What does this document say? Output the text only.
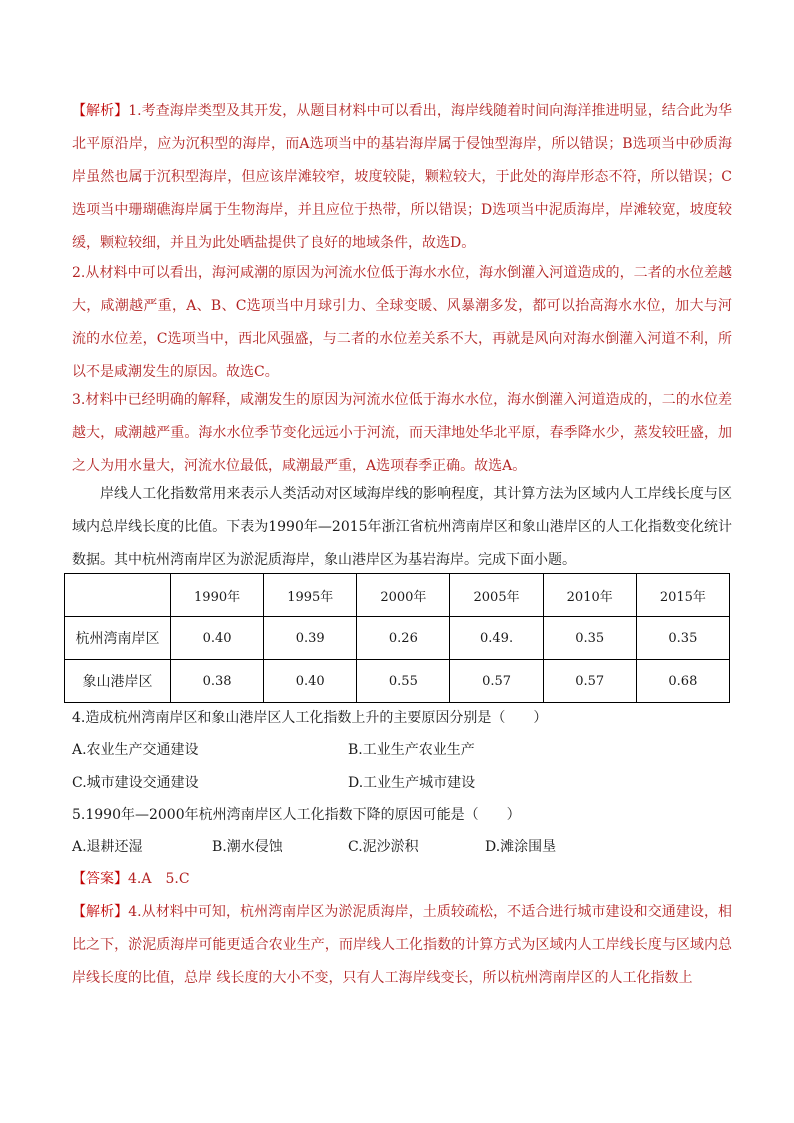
【解析】1.考查海岸类型及其开发，从题目材料中可以看出，海岸线随着时间向海洋推进明显，结合此为华北平原沿岸，应为沉积型的海岸，而A选项当中的基岩海岸属于侵蚀型海岸，所以错误；B选项当中砂质海岸虽然也属于沉积型海岸，但应该岸滩较窄，坡度较陡，颗粒较大，于此处的海岸形态不符，所以错误；C选项当中珊瑚礁海岸属于生物海岸，并且应位于热带，所以错误；D选项当中泥质海岸，岸滩较宽，坡度较缓，颗粒较细，并且为此处晒盐提供了良好的地域条件，故选D。

2.从材料中可以看出，海河咸潮的原因为河流水位低于海水水位，海水倒灌入河道造成的，二者的水位差越大，咸潮越严重，A、B、C选项当中月球引力、全球变暖、风暴潮多发，都可以抬高海水水位，加大与河流的水位差，C选项当中，西北风强盛，与二者的水位差关系不大，再就是风向对海水倒灌入河道不利，所以不是咸潮发生的原因。故选C。

3.材料中已经明确的解释，咸潮发生的原因为河流水位低于海水水位，海水倒灌入河道造成的，二的水位差越大，咸潮越严重。海水水位季节变化远远小于河流，而天津地处华北平原，春季降水少，蒸发较旺盛，加之人为用水量大，河流水位最低，咸潮最严重，A选项春季正确。故选A。

岸线人工化指数常用来表示人类活动对区域海岸线的影响程度，其计算方法为区域内人工岸线长度与区域内总岸线长度的比值。下表为1990年—2015年浙江省杭州湾南岸区和象山港岸区的人工化指数变化统计数据。其中杭州湾南岸区为淤泥质海岸，象山港岸区为基岩海岸。完成下面小题。

	1990年	1995年	2000年	2005年	2010年	2015年
杭州湾南岸区	0.40	0.39	0.26	0.49.	0.35	0.35
象山港岸区	0.38	0.40	0.55	0.57	0.57	0.68
4.造成杭州湾南岸区和象山港岸区人工化指数上升的主要原因分别是（　　）
A.农业生产交通建设	B.工业生产农业生产
C.城市建设交通建设	D.工业生产城市建设
5.1990年—2000年杭州湾南岸区人工化指数下降的原因可能是（　　）
A.退耕还湿	B.潮水侵蚀	C.泥沙淤积	D.滩涂围垦
【答案】4.A　5.C

【解析】4.从材料中可知，杭州湾南岸区为淤泥质海岸，土质较疏松，不适合进行城市建设和交通建设，相比之下，淤泥质海岸可能更适合农业生产，而岸线人工化指数的计算方式为区域内人工岸线长度与区域内总岸线长度的比值，总岸 线长度的大小不变，只有人工海岸线变长，所以杭州湾南岸区的人工化指数上
